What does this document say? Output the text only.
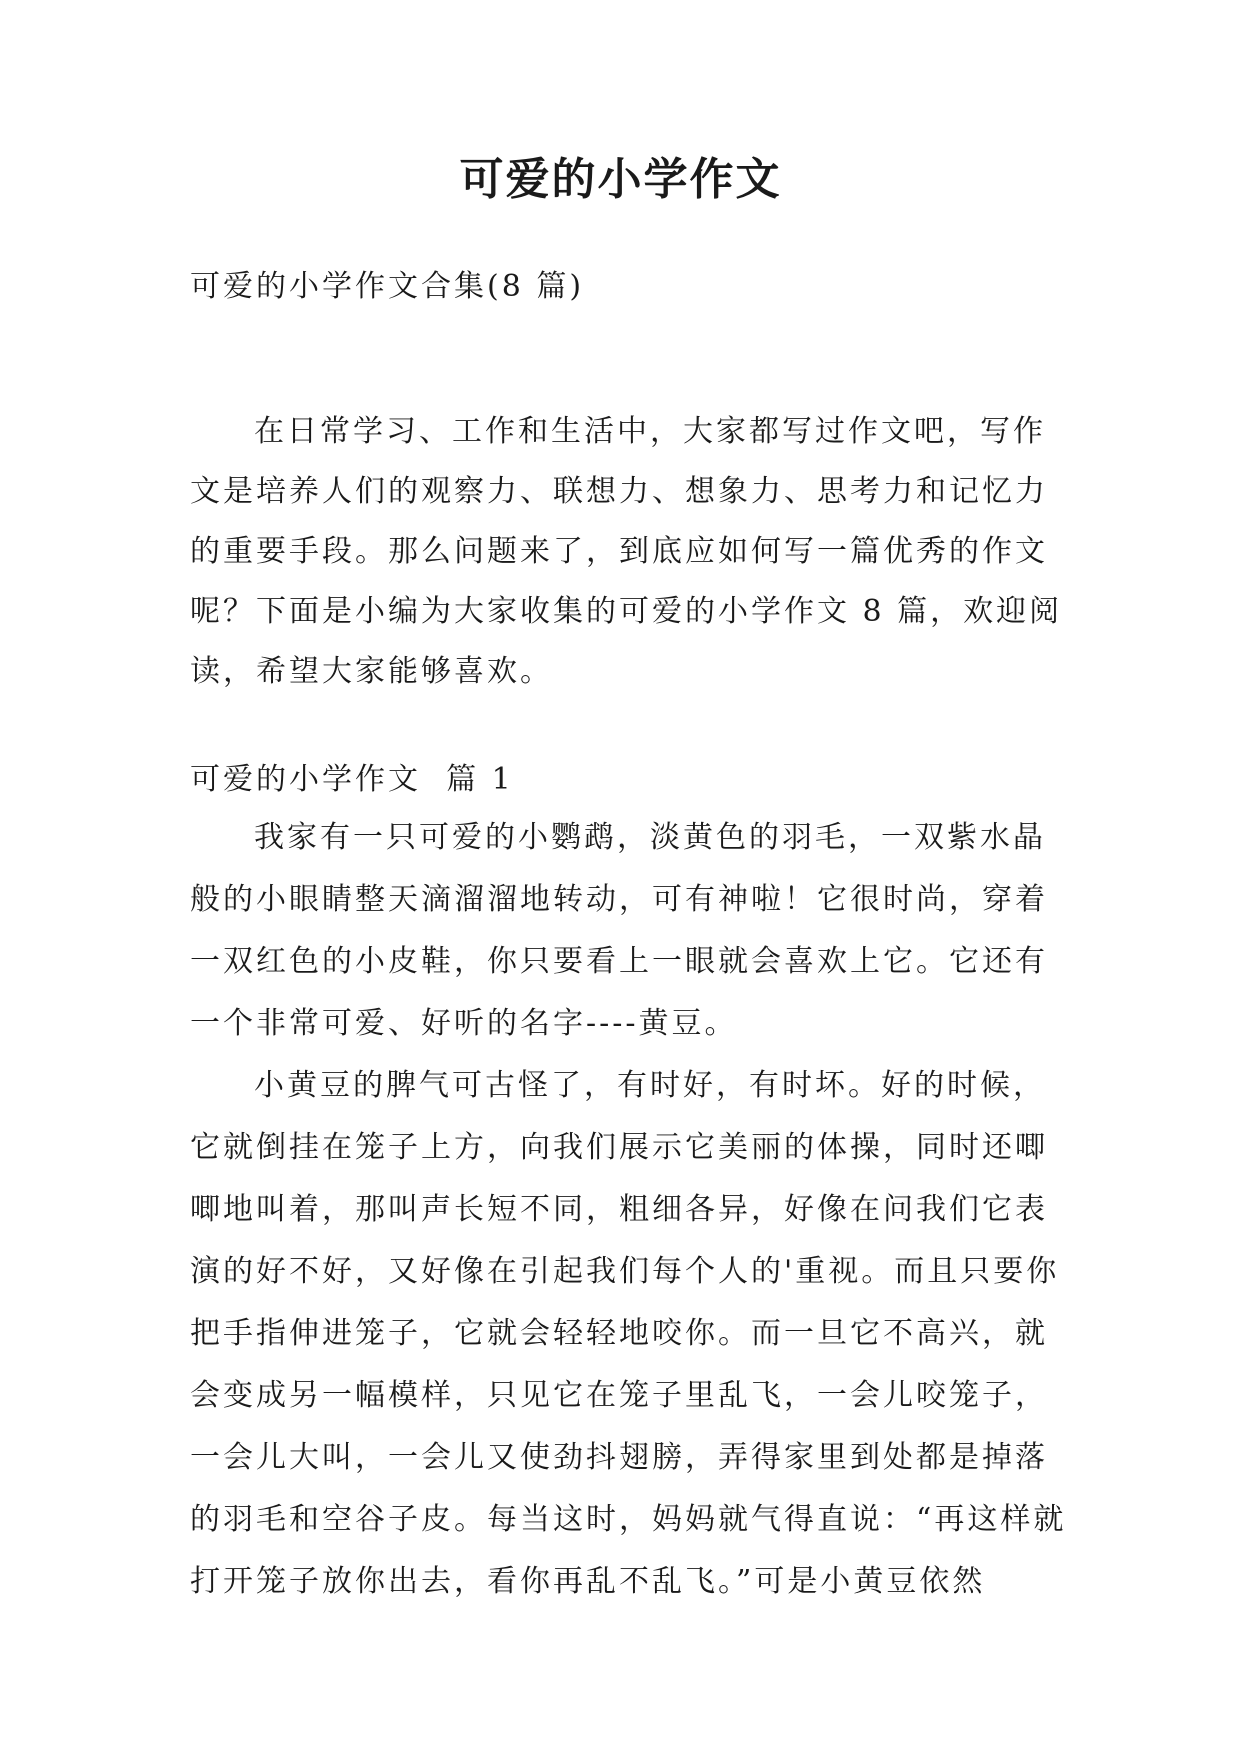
可爱的小学作文

可爱的小学作文合集(8 篇)

在日常学习、工作和生活中，大家都写过作文吧，写作文是培养人们的观察力、联想力、想象力、思考力和记忆力的重要手段。那么问题来了，到底应如何写一篇优秀的作文呢？下面是小编为大家收集的可爱的小学作文 8 篇，欢迎阅读，希望大家能够喜欢。

可爱的小学作文  篇 1

我家有一只可爱的小鹦鹉，淡黄色的羽毛，一双紫水晶般的小眼睛整天滴溜溜地转动，可有神啦！它很时尚，穿着一双红色的小皮鞋，你只要看上一眼就会喜欢上它。它还有一个非常可爱、好听的名字----黄豆。

小黄豆的脾气可古怪了，有时好，有时坏。好的时候，它就倒挂在笼子上方，向我们展示它美丽的体操，同时还唧唧地叫着，那叫声长短不同，粗细各异，好像在问我们它表演的好不好，又好像在引起我们每个人的'重视。而且只要你把手指伸进笼子，它就会轻轻地咬你。而一旦它不高兴，就会变成另一幅模样，只见它在笼子里乱飞，一会儿咬笼子，一会儿大叫，一会儿又使劲抖翅膀，弄得家里到处都是掉落的羽毛和空谷子皮。每当这时，妈妈就气得直说：“再这样就打开笼子放你出去，看你再乱不乱飞。”可是小黄豆依然
